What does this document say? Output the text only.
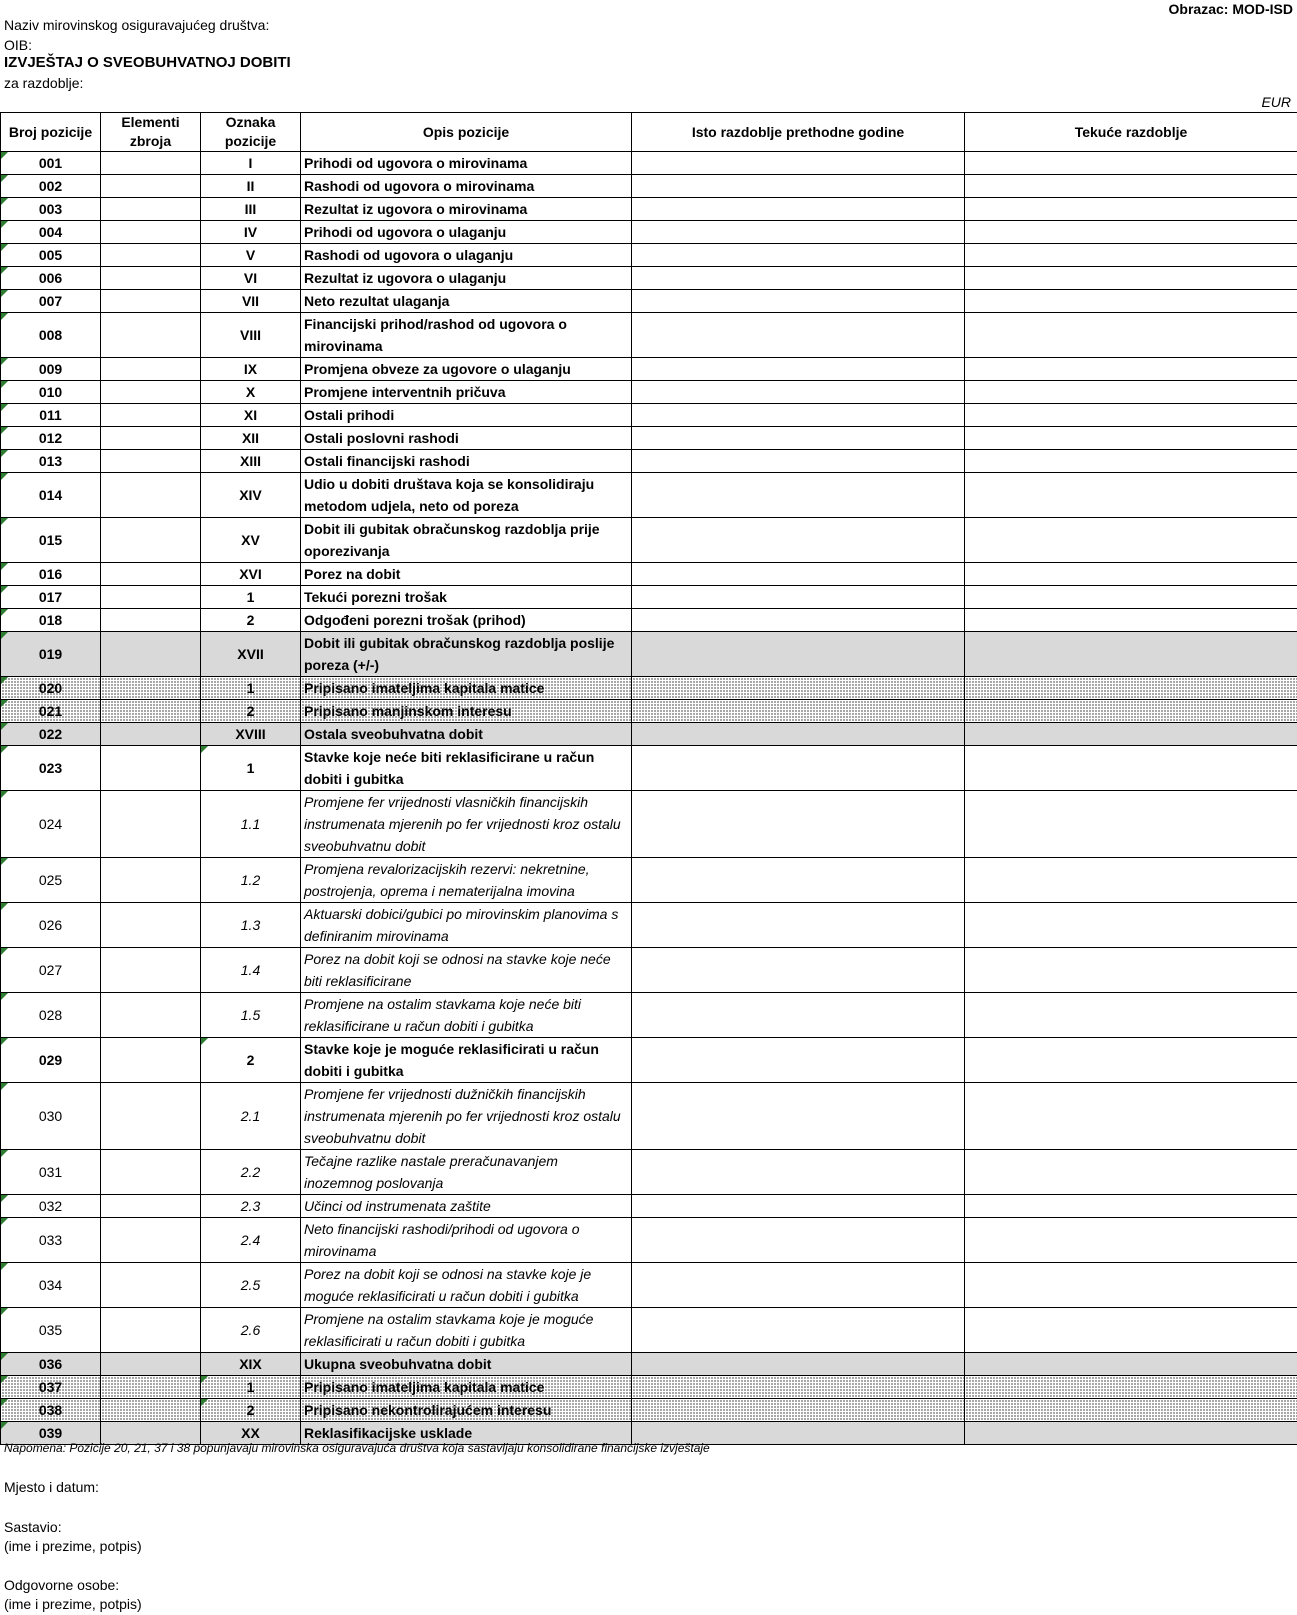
Obrazac: MOD-ISD
Naziv mirovinskog osiguravajućeg društva:
OIB:
IZVJEŠTAJ O SVEOBUHVATNOJ DOBITI
za razdoblje:
EUR
Broj pozicije	Elementi zbroja	Oznaka pozicije	Opis pozicije	Isto razdoblje prethodne godine	Tekuće razdoblje

001		I	Prihodi od ugovora o mirovinama		

002		II	Rashodi od ugovora o mirovinama		

003		III	Rezultat iz ugovora o mirovinama		

004		IV	Prihodi od ugovora o ulaganju		

005		V	Rashodi od ugovora o ulaganju		

006		VI	Rezultat iz ugovora o ulaganju		

007		VII	Neto rezultat ulaganja		

008		VIII	Financijski prihod/rashod od ugovora o mirovinama		

009		IX	Promjena obveze za ugovore o ulaganju		

010		X	Promjene interventnih pričuva		

011		XI	Ostali prihodi		

012		XII	Ostali poslovni rashodi		

013		XIII	Ostali financijski rashodi		

014		XIV	Udio u dobiti društava koja se konsolidiraju metodom udjela, neto od poreza		

015		XV	Dobit ili gubitak obračunskog razdoblja prije oporezivanja		

016		XVI	Porez na dobit		

017		1	Tekući porezni trošak		

018		2	Odgođeni porezni trošak (prihod)		

019		XVII	Dobit ili gubitak obračunskog razdoblja poslije poreza (+/-)		

020		1	Pripisano imateljima kapitala matice		

021		2	Pripisano manjinskom interesu		

022		XVIII	Ostala sveobuhvatna dobit		

023		1	Stavke koje neće biti reklasificirane u račun dobiti i gubitka		

024		1.1	Promjene fer vrijednosti vlasničkih financijskih instrumenata mjerenih po fer vrijednosti kroz ostalu sveobuhvatnu dobit		

025		1.2	Promjena revalorizacijskih rezervi: nekretnine, postrojenja, oprema i nematerijalna imovina		

026		1.3	Aktuarski dobici/gubici po mirovinskim planovima s definiranim mirovinama		

027		1.4	Porez na dobit koji se odnosi na stavke koje neće biti reklasificirane		

028		1.5	Promjene na ostalim stavkama koje neće biti reklasificirane u račun dobiti i gubitka		

029		2	Stavke koje je moguće reklasificirati u račun dobiti i gubitka		

030		2.1	Promjene fer vrijednosti dužničkih financijskih instrumenata mjerenih po fer vrijednosti kroz ostalu sveobuhvatnu dobit		

031		2.2	Tečajne razlike nastale preračunavanjem inozemnog poslovanja		

032		2.3	Učinci od instrumenata zaštite		

033		2.4	Neto financijski rashodi/prihodi od ugovora o mirovinama		

034		2.5	Porez na dobit koji se odnosi na stavke koje je moguće reklasificirati u račun dobiti i gubitka		

035		2.6	Promjene na ostalim stavkama koje je moguće reklasificirati u račun dobiti i gubitka		

036		XIX	Ukupna sveobuhvatna dobit		

037		1	Pripisano imateljima kapitala matice		

038		2	Pripisano nekontrolirajućem interesu		

039		XX	Reklasifikacijske usklade		
Napomena: Pozicije 20, 21, 37 i 38 popunjavaju mirovinska osiguravajuća društva koja sastavljaju konsolidirane financijske izvještaje
Mjesto i datum:
Sastavio:
(ime i prezime, potpis)
Odgovorne osobe:
(ime i prezime, potpis)
